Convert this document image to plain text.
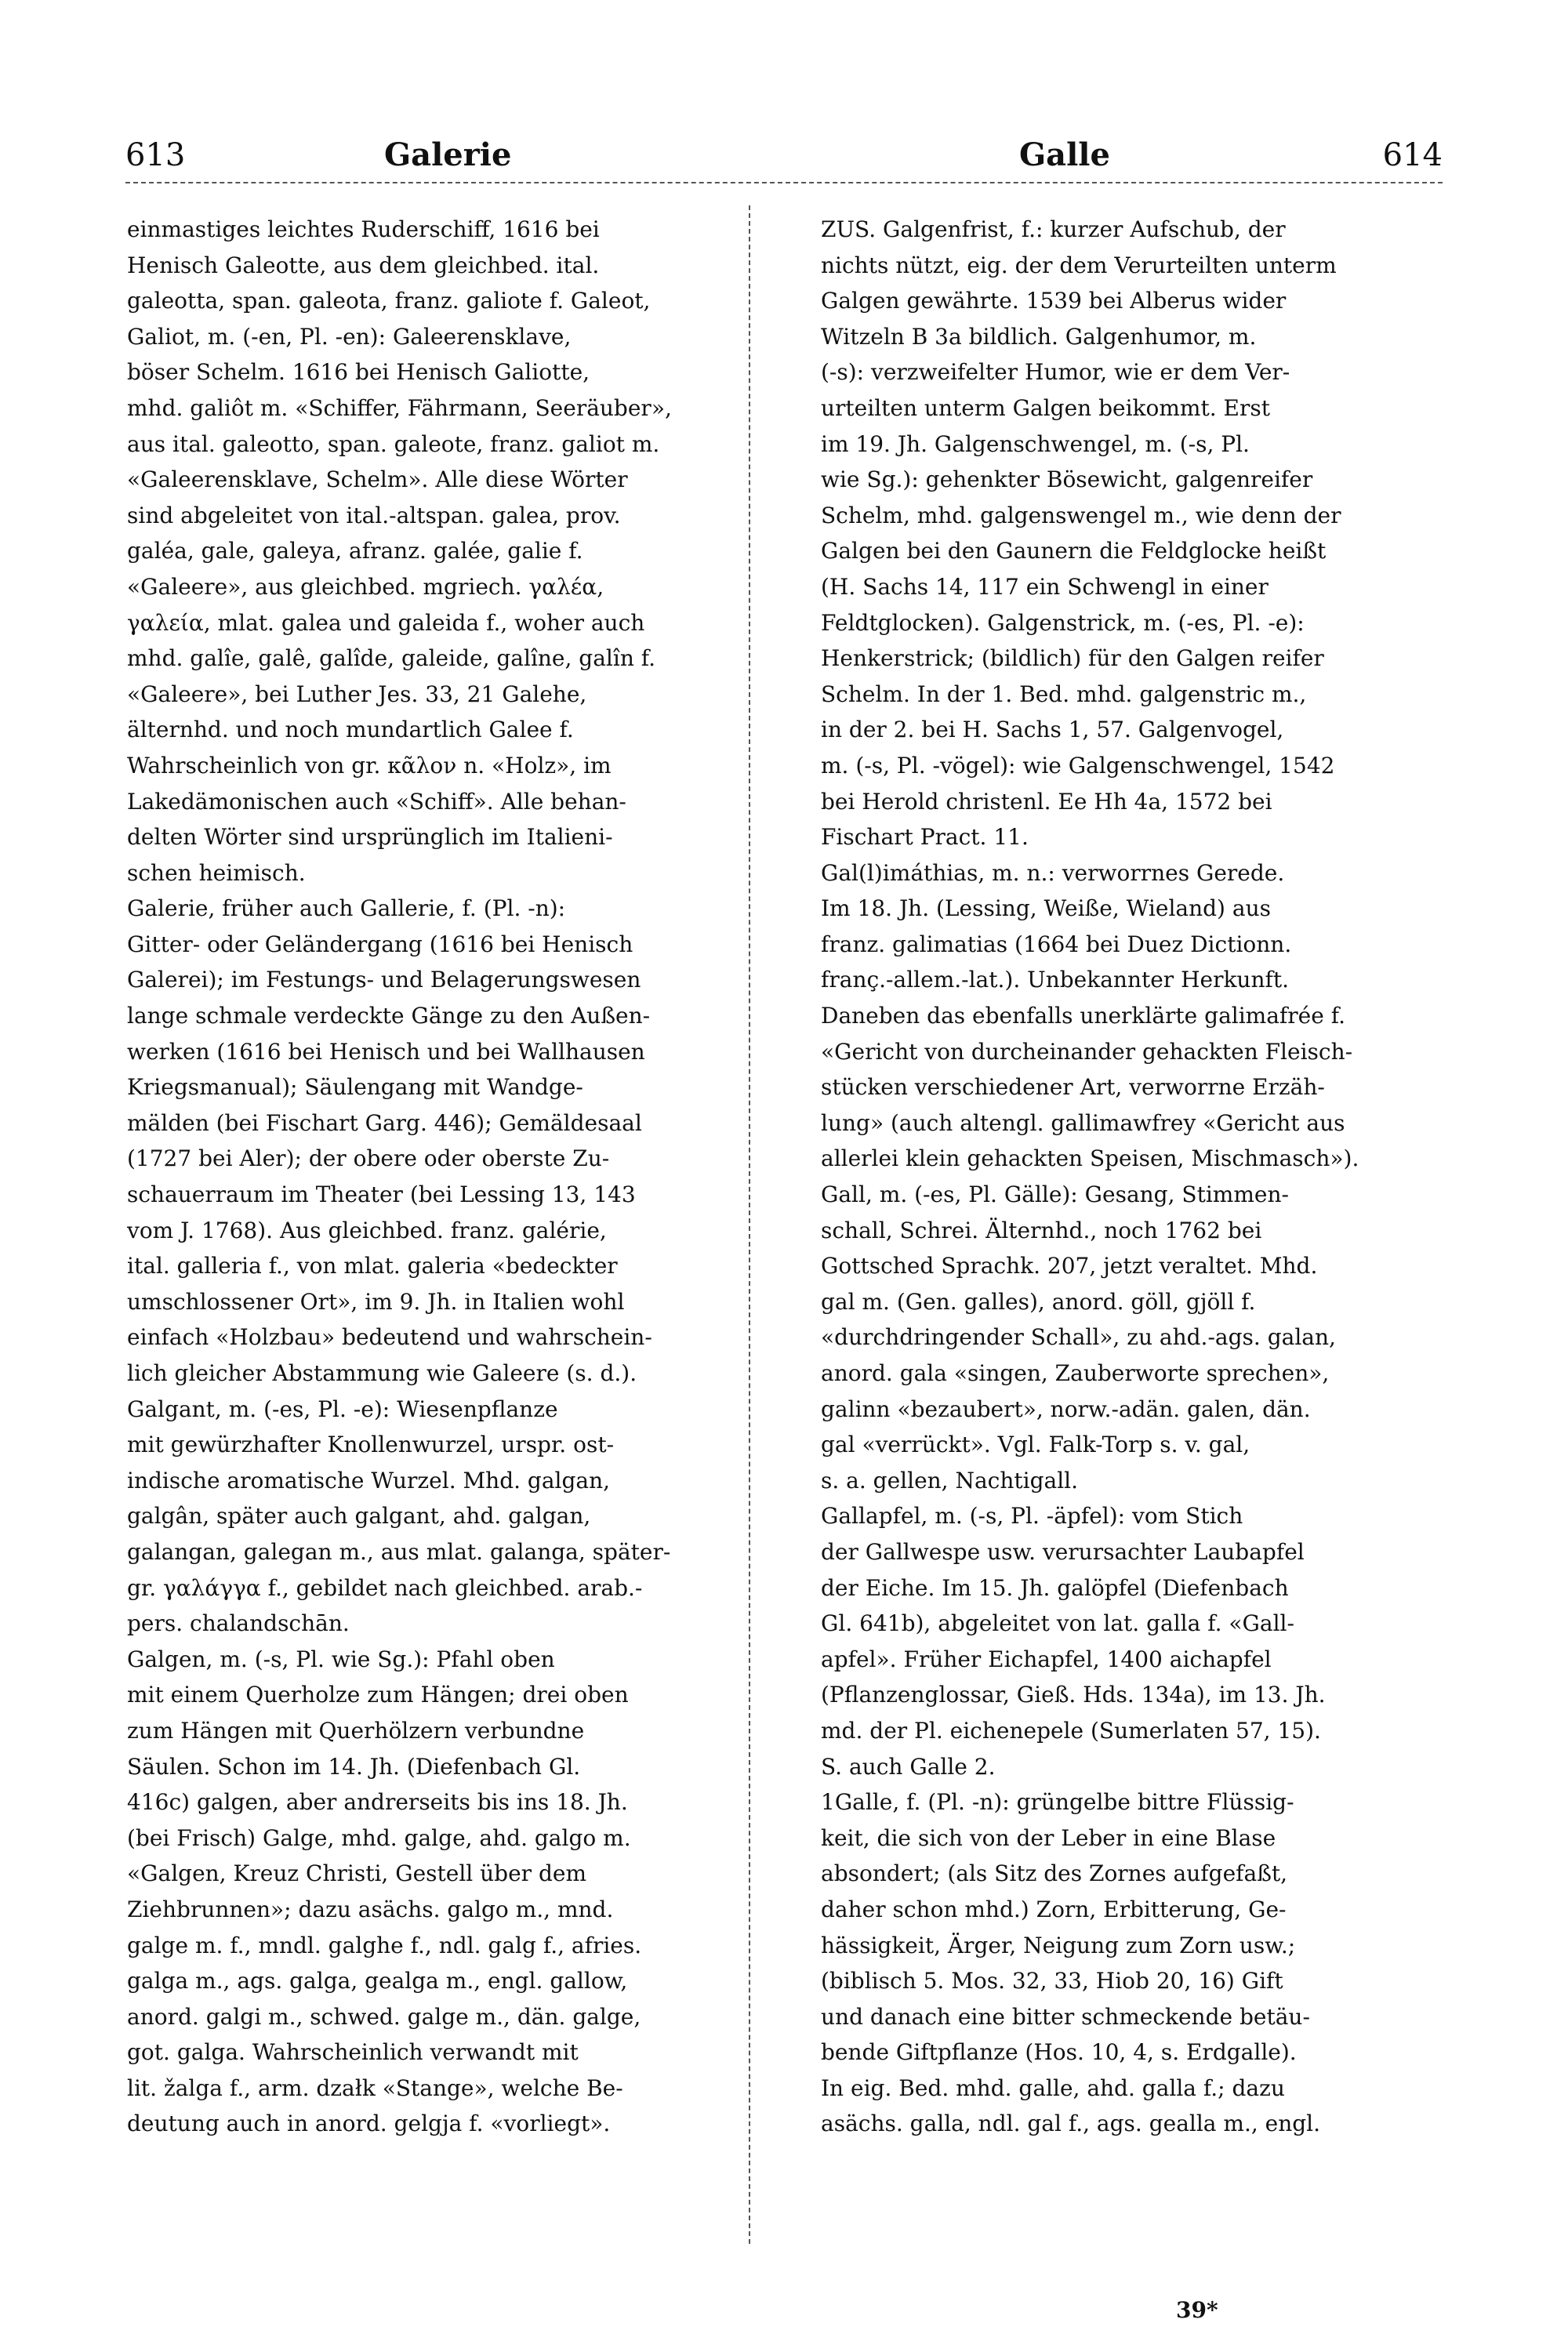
613	Galerie	Galle	614
einmastiges leichtes Ruderschiff, 1616 bei
Henisch Galeotte, aus dem gleichbed. ital.
galeotta, span. galeota, franz. galiote f. Galeot,
Galiot, m. (-en, Pl. -en): Galeerensklave,
böser Schelm. 1616 bei Henisch Galiotte,
mhd. galiôt m. «Schiffer, Fährmann, Seeräuber»,
aus ital. galeotto, span. galeote, franz. galiot m.
«Galeerensklave, Schelm». Alle diese Wörter
sind abgeleitet von ital.-altspan. galea, prov.
galéa, gale, galeya, afranz. galée, galie f.
«Galeere», aus gleichbed. mgriech. γαλέα,
γαλεία, mlat. galea und galeida f., woher auch
mhd. galîe, galê, galîde, galeide, galîne, galîn f.
«Galeere», bei Luther Jes. 33, 21 Galehe,
älternhd. und noch mundartlich Galee f.
Wahrscheinlich von gr. κᾶλον n. «Holz», im
Lakedämonischen auch «Schiff». Alle behan-
delten Wörter sind ursprünglich im Italieni-
schen heimisch.
Galerie, früher auch Gallerie, f. (Pl. -n):
Gitter- oder Geländergang (1616 bei Henisch
Galerei); im Festungs- und Belagerungswesen
lange schmale verdeckte Gänge zu den Außen-
werken (1616 bei Henisch und bei Wallhausen
Kriegsmanual); Säulengang mit Wandge-
mälden (bei Fischart Garg. 446); Gemäldesaal
(1727 bei Aler); der obere oder oberste Zu-
schauerraum im Theater (bei Lessing 13, 143
vom J. 1768). Aus gleichbed. franz. galérie,
ital. galleria f., von mlat. galeria «bedeckter
umschlossener Ort», im 9. Jh. in Italien wohl
einfach «Holzbau» bedeutend und wahrschein-
lich gleicher Abstammung wie Galeere (s. d.).
Galgant, m. (-es, Pl. -e): Wiesenpflanze
mit gewürzhafter Knollenwurzel, urspr. ost-
indische aromatische Wurzel. Mhd. galgan,
galgân, später auch galgant, ahd. galgan,
galangan, galegan m., aus mlat. galanga, später-
gr. γαλάγγα f., gebildet nach gleichbed. arab.-
pers. chalandschān.
Galgen, m. (-s, Pl. wie Sg.): Pfahl oben
mit einem Querholze zum Hängen; drei oben
zum Hängen mit Querhölzern verbundne
Säulen. Schon im 14. Jh. (Diefenbach Gl.
416c) galgen, aber andrerseits bis ins 18. Jh.
(bei Frisch) Galge, mhd. galge, ahd. galgo m.
«Galgen, Kreuz Christi, Gestell über dem
Ziehbrunnen»; dazu asächs. galgo m., mnd.
galge m. f., mndl. galghe f., ndl. galg f., afries.
galga m., ags. galga, gealga m., engl. gallow,
anord. galgi m., schwed. galge m., dän. galge,
got. galga. Wahrscheinlich verwandt mit
lit. žalga f., arm. dzałk «Stange», welche Be-
deutung auch in anord. gelgja f. «vorliegt».
ZUS. Galgenfrist, f.: kurzer Aufschub, der
nichts nützt, eig. der dem Verurteilten unterm
Galgen gewährte. 1539 bei Alberus wider
Witzeln B 3a bildlich. Galgenhumor, m.
(-s): verzweifelter Humor, wie er dem Ver-
urteilten unterm Galgen beikommt. Erst
im 19. Jh. Galgenschwengel, m. (-s, Pl.
wie Sg.): gehenkter Bösewicht, galgenreifer
Schelm, mhd. galgenswengel m., wie denn der
Galgen bei den Gaunern die Feldglocke heißt
(H. Sachs 14, 117 ein Schwengl in einer
Feldtglocken). Galgenstrick, m. (-es, Pl. -e):
Henkerstrick; (bildlich) für den Galgen reifer
Schelm. In der 1. Bed. mhd. galgenstric m.,
in der 2. bei H. Sachs 1, 57. Galgenvogel,
m. (-s, Pl. -vögel): wie Galgenschwengel, 1542
bei Herold christenl. Ee Hh 4a, 1572 bei
Fischart Pract. 11.
Gal(l)imáthias, m. n.: verworrnes Gerede.
Im 18. Jh. (Lessing, Weiße, Wieland) aus
franz. galimatias (1664 bei Duez Dictionn.
franç.-allem.-lat.). Unbekannter Herkunft.
Daneben das ebenfalls unerklärte galimafrée f.
«Gericht von durcheinander gehackten Fleisch-
stücken verschiedener Art, verworrne Erzäh-
lung» (auch altengl. gallimawfrey «Gericht aus
allerlei klein gehackten Speisen, Mischmasch»).
Gall, m. (-es, Pl. Gälle): Gesang, Stimmen-
schall, Schrei. Älternhd., noch 1762 bei
Gottsched Sprachk. 207, jetzt veraltet. Mhd.
gal m. (Gen. galles), anord. göll, gjöll f.
«durchdringender Schall», zu ahd.-ags. galan,
anord. gala «singen, Zauberworte sprechen»,
galinn «bezaubert», norw.-adän. galen, dän.
gal «verrückt». Vgl. Falk-Torp s. v. gal,
s. a. gellen, Nachtigall.
Gallapfel, m. (-s, Pl. -äpfel): vom Stich
der Gallwespe usw. verursachter Laubapfel
der Eiche. Im 15. Jh. galöpfel (Diefenbach
Gl. 641b), abgeleitet von lat. galla f. «Gall-
apfel». Früher Eichapfel, 1400 aichapfel
(Pflanzenglossar, Gieß. Hds. 134a), im 13. Jh.
md. der Pl. eichenepele (Sumerlaten 57, 15).
S. auch Galle 2.
1Galle, f. (Pl. -n): grüngelbe bittre Flüssig-
keit, die sich von der Leber in eine Blase
absondert; (als Sitz des Zornes aufgefaßt,
daher schon mhd.) Zorn, Erbitterung, Ge-
hässigkeit, Ärger, Neigung zum Zorn usw.;
(biblisch 5. Mos. 32, 33, Hiob 20, 16) Gift
und danach eine bitter schmeckende betäu-
bende Giftpflanze (Hos. 10, 4, s. Erdgalle).
In eig. Bed. mhd. galle, ahd. galla f.; dazu
asächs. galla, ndl. gal f., ags. gealla m., engl.
39*
